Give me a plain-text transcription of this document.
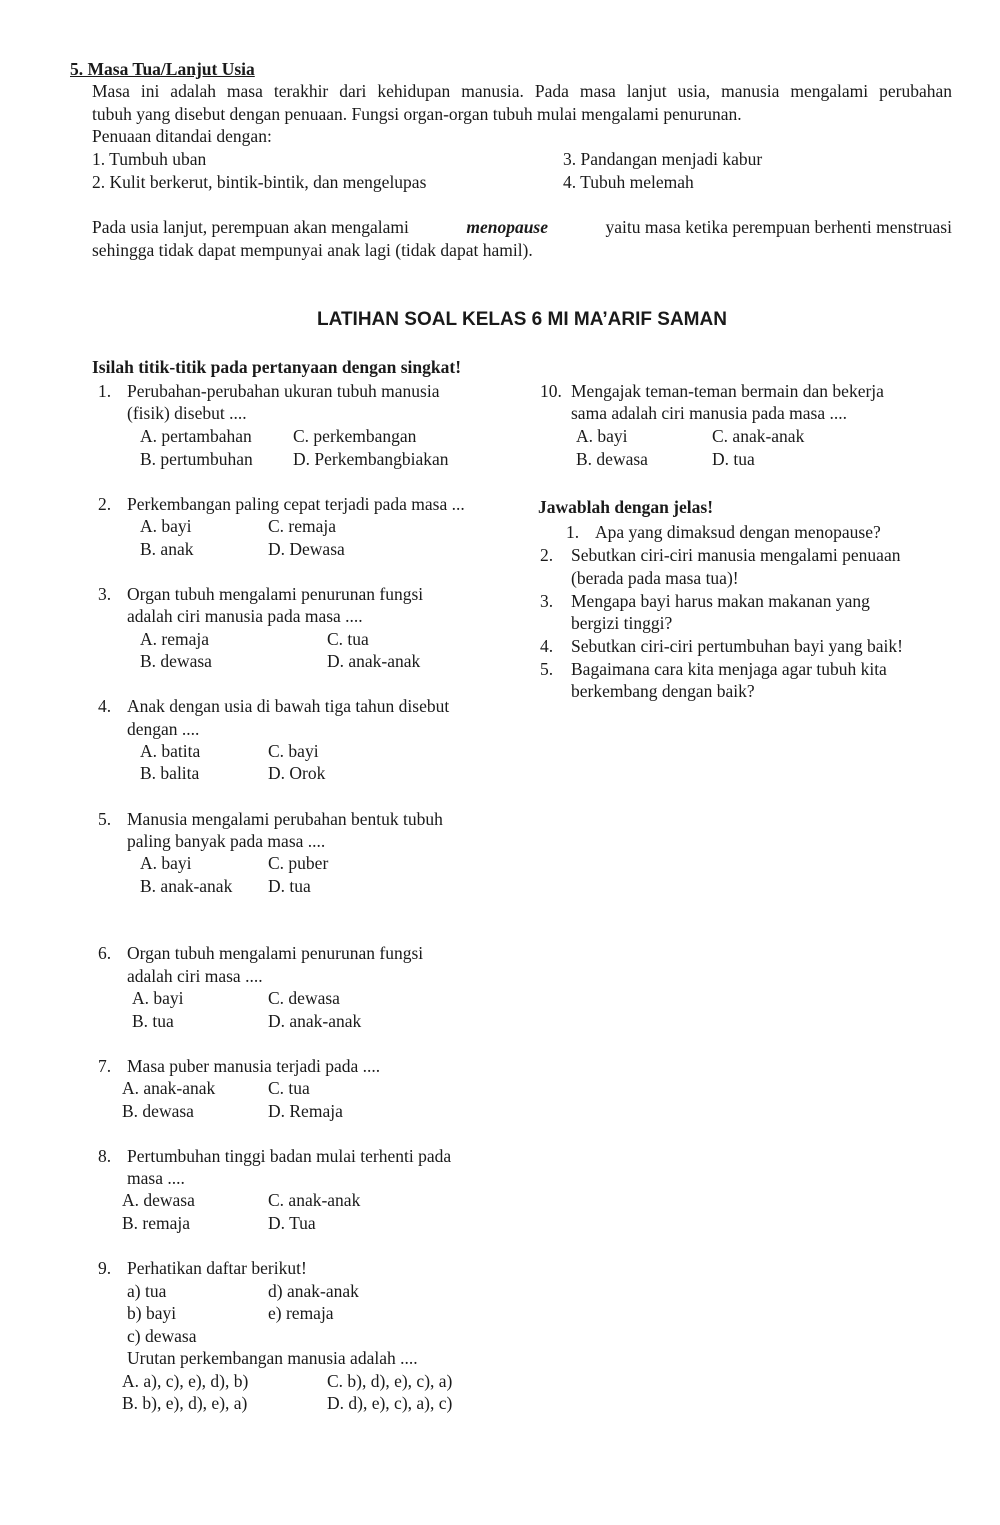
5. Masa Tua/Lanjut Usia
Masa ini adalah masa terakhir dari kehidupan manusia. Pada masa lanjut usia, manusia mengalami perubahan
tubuh yang disebut dengan penuaan. Fungsi organ-organ tubuh mulai mengalami penurunan.
Penuaan ditandai dengan:
1. Tumbuh uban	3. Pandangan menjadi kabur
2. Kulit berkerut, bintik-bintik, dan mengelupas	4. Tubuh melemah
Pada usia lanjut, perempuan akan mengalami	menopause	yaitu masa ketika perempuan berhenti menstruasi
sehingga tidak dapat mempunyai anak lagi (tidak dapat hamil).
LATIHAN SOAL KELAS 6 MI MA’ARIF SAMAN
Isilah titik-titik pada pertanyaan dengan singkat!
1. Perubahan-perubahan ukuran tubuh manusia
(fisik) disebut ....
A. pertambahan C. perkembangan
B. pertumbuhan D. Perkembangbiakan
2. Perkembangan paling cepat terjadi pada masa ...
A. bayi	C. remaja
B. anak	D. Dewasa
3. Organ tubuh mengalami penurunan fungsi
adalah ciri manusia pada masa ....
A. remaja	C. tua
B. dewasa	D. anak-anak
4. Anak dengan usia di bawah tiga tahun disebut
dengan ....
A. batita	C. bayi
B. balita	D. Orok
5. Manusia mengalami perubahan bentuk tubuh
paling banyak pada masa ....
A. bayi	C. puber
B. anak-anak D. tua
6. Organ tubuh mengalami penurunan fungsi
adalah ciri masa ....
A. bayi	C. dewasa
B. tua	D. anak-anak
7. Masa puber manusia terjadi pada ....
A. anak-anak	C. tua
B. dewasa	D. Remaja
8. Pertumbuhan tinggi badan mulai terhenti pada
masa ....
A. dewasa	C. anak-anak
B. remaja	D. Tua
9. Perhatikan daftar berikut!
a) tua	d) anak-anak
b) bayi	e) remaja
c) dewasa
Urutan perkembangan manusia adalah ....
A. a), c), e), d), b)	C. b), d), e), c), a)
B. b), e), d), e), a)	D. d), e), c), a), c)
10. Mengajak teman-teman bermain dan bekerja
sama adalah ciri manusia pada masa ....
A. bayi	C. anak-anak
B. dewasa	D. tua
Jawablah dengan jelas!
1. Apa yang dimaksud dengan menopause?
2. Sebutkan ciri-ciri manusia mengalami penuaan
(berada pada masa tua)!
3. Mengapa bayi harus makan makanan yang
bergizi tinggi?
4. Sebutkan ciri-ciri pertumbuhan bayi yang baik!
5. Bagaimana cara kita menjaga agar tubuh kita
berkembang dengan baik?
